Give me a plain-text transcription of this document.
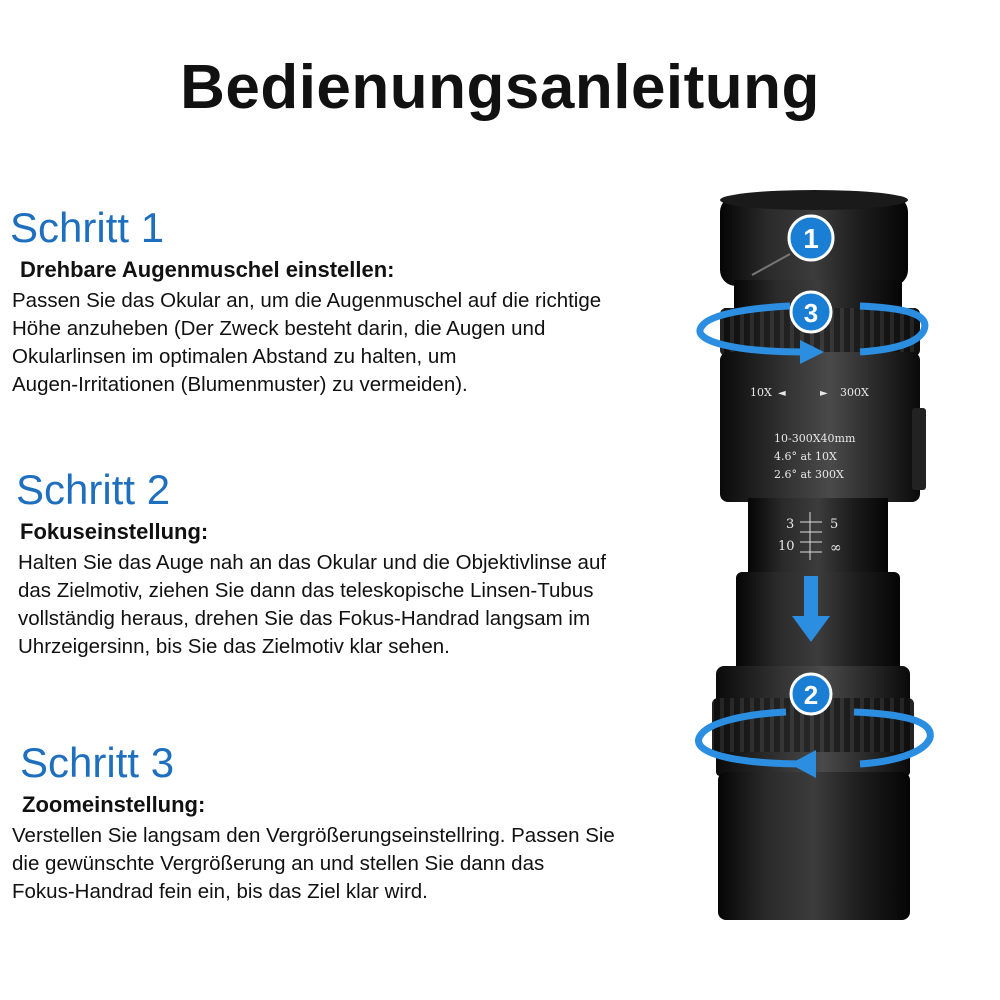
Bedienungsanleitung
Schritt 1
Drehbare Augenmuschel einstellen:
Passen Sie das Okular an, um die Augenmuschel auf die richtige
Höhe anzuheben (Der Zweck besteht darin, die Augen und
Okularlinsen im optimalen Abstand zu halten, um
Augen-Irritationen (Blumenmuster) zu vermeiden).
Schritt 2
Fokuseinstellung:
Halten Sie das Auge nah an das Okular und die Objektivlinse auf
das Zielmotiv, ziehen Sie dann das teleskopische Linsen-Tubus
vollständig heraus, drehen Sie das Fokus-Handrad langsam im
Uhrzeigersinn, bis Sie das Zielmotiv klar sehen.
Schritt 3
Zoomeinstellung:
Verstellen Sie langsam den Vergrößerungseinstellring. Passen Sie
die gewünschte Vergrößerung an und stellen Sie dann das
Fokus-Handrad fein ein, bis das Ziel klar wird.
10X ◄	► 300X
10-300X40mm
4.6° at 10X
2.6° at 300X
3	5
10	∞
1
3
2
